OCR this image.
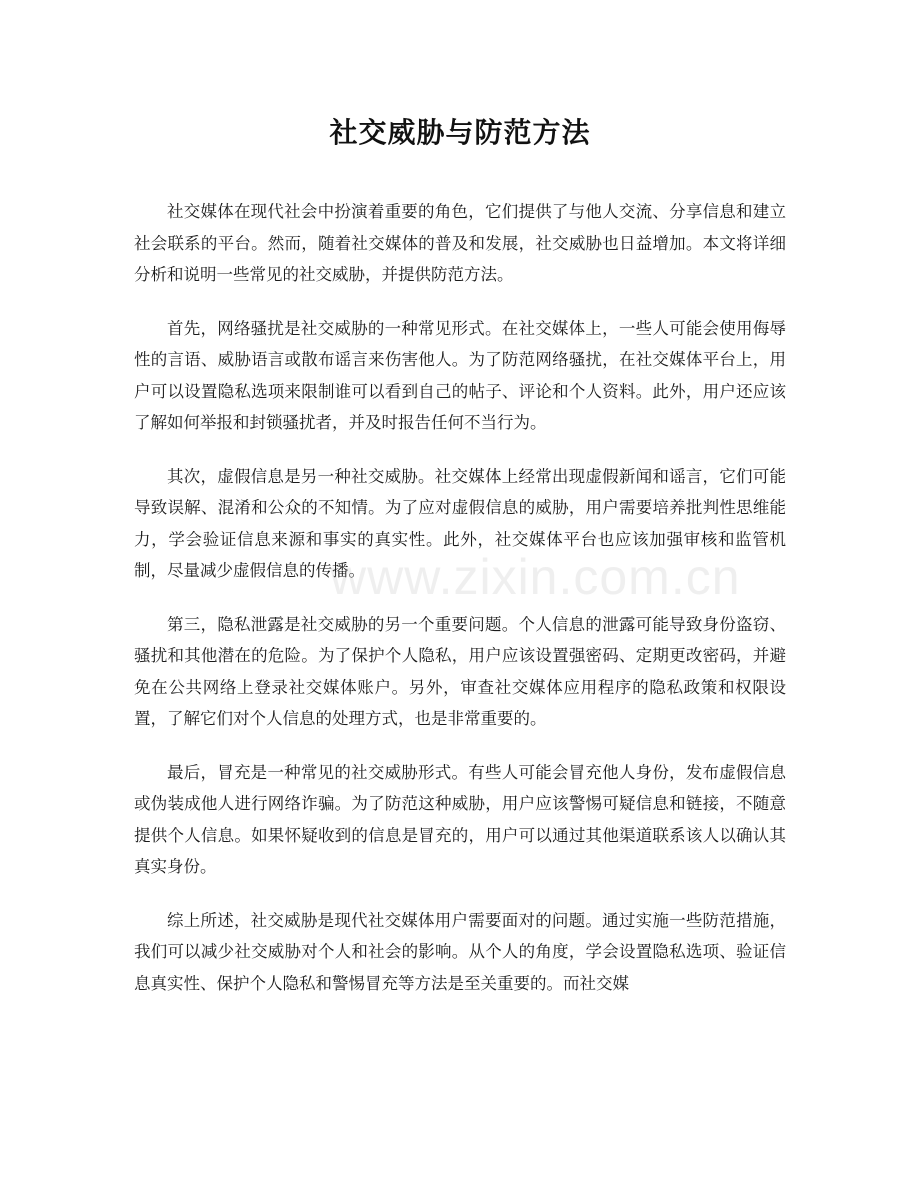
社交威胁与防范方法

社交媒体在现代社会中扮演着重要的角色，它们提供了与他人交流、分享信息和建立社会联系的平台。然而，随着社交媒体的普及和发展，社交威胁也日益增加。本文将详细分析和说明一些常见的社交威胁，并提供防范方法。

首先，网络骚扰是社交威胁的一种常见形式。在社交媒体上，一些人可能会使用侮辱性的言语、威胁语言或散布谣言来伤害他人。为了防范网络骚扰，在社交媒体平台上，用户可以设置隐私选项来限制谁可以看到自己的帖子、评论和个人资料。此外，用户还应该了解如何举报和封锁骚扰者，并及时报告任何不当行为。

其次，虚假信息是另一种社交威胁。社交媒体上经常出现虚假新闻和谣言，它们可能导致误解、混淆和公众的不知情。为了应对虚假信息的威胁，用户需要培养批判性思维能力，学会验证信息来源和事实的真实性。此外，社交媒体平台也应该加强审核和监管机制，尽量减少虚假信息的传播。

第三，隐私泄露是社交威胁的另一个重要问题。个人信息的泄露可能导致身份盗窃、骚扰和其他潜在的危险。为了保护个人隐私，用户应该设置强密码、定期更改密码，并避免在公共网络上登录社交媒体账户。另外，审查社交媒体应用程序的隐私政策和权限设置，了解它们对个人信息的处理方式，也是非常重要的。

最后，冒充是一种常见的社交威胁形式。有些人可能会冒充他人身份，发布虚假信息或伪装成他人进行网络诈骗。为了防范这种威胁，用户应该警惕可疑信息和链接，不随意提供个人信息。如果怀疑收到的信息是冒充的，用户可以通过其他渠道联系该人以确认其真实身份。

综上所述，社交威胁是现代社交媒体用户需要面对的问题。通过实施一些防范措施，我们可以减少社交威胁对个人和社会的影响。从个人的角度，学会设置隐私选项、验证信息真实性、保护个人隐私和警惕冒充等方法是至关重要的。而社交媒

www.zixin.com.cn
